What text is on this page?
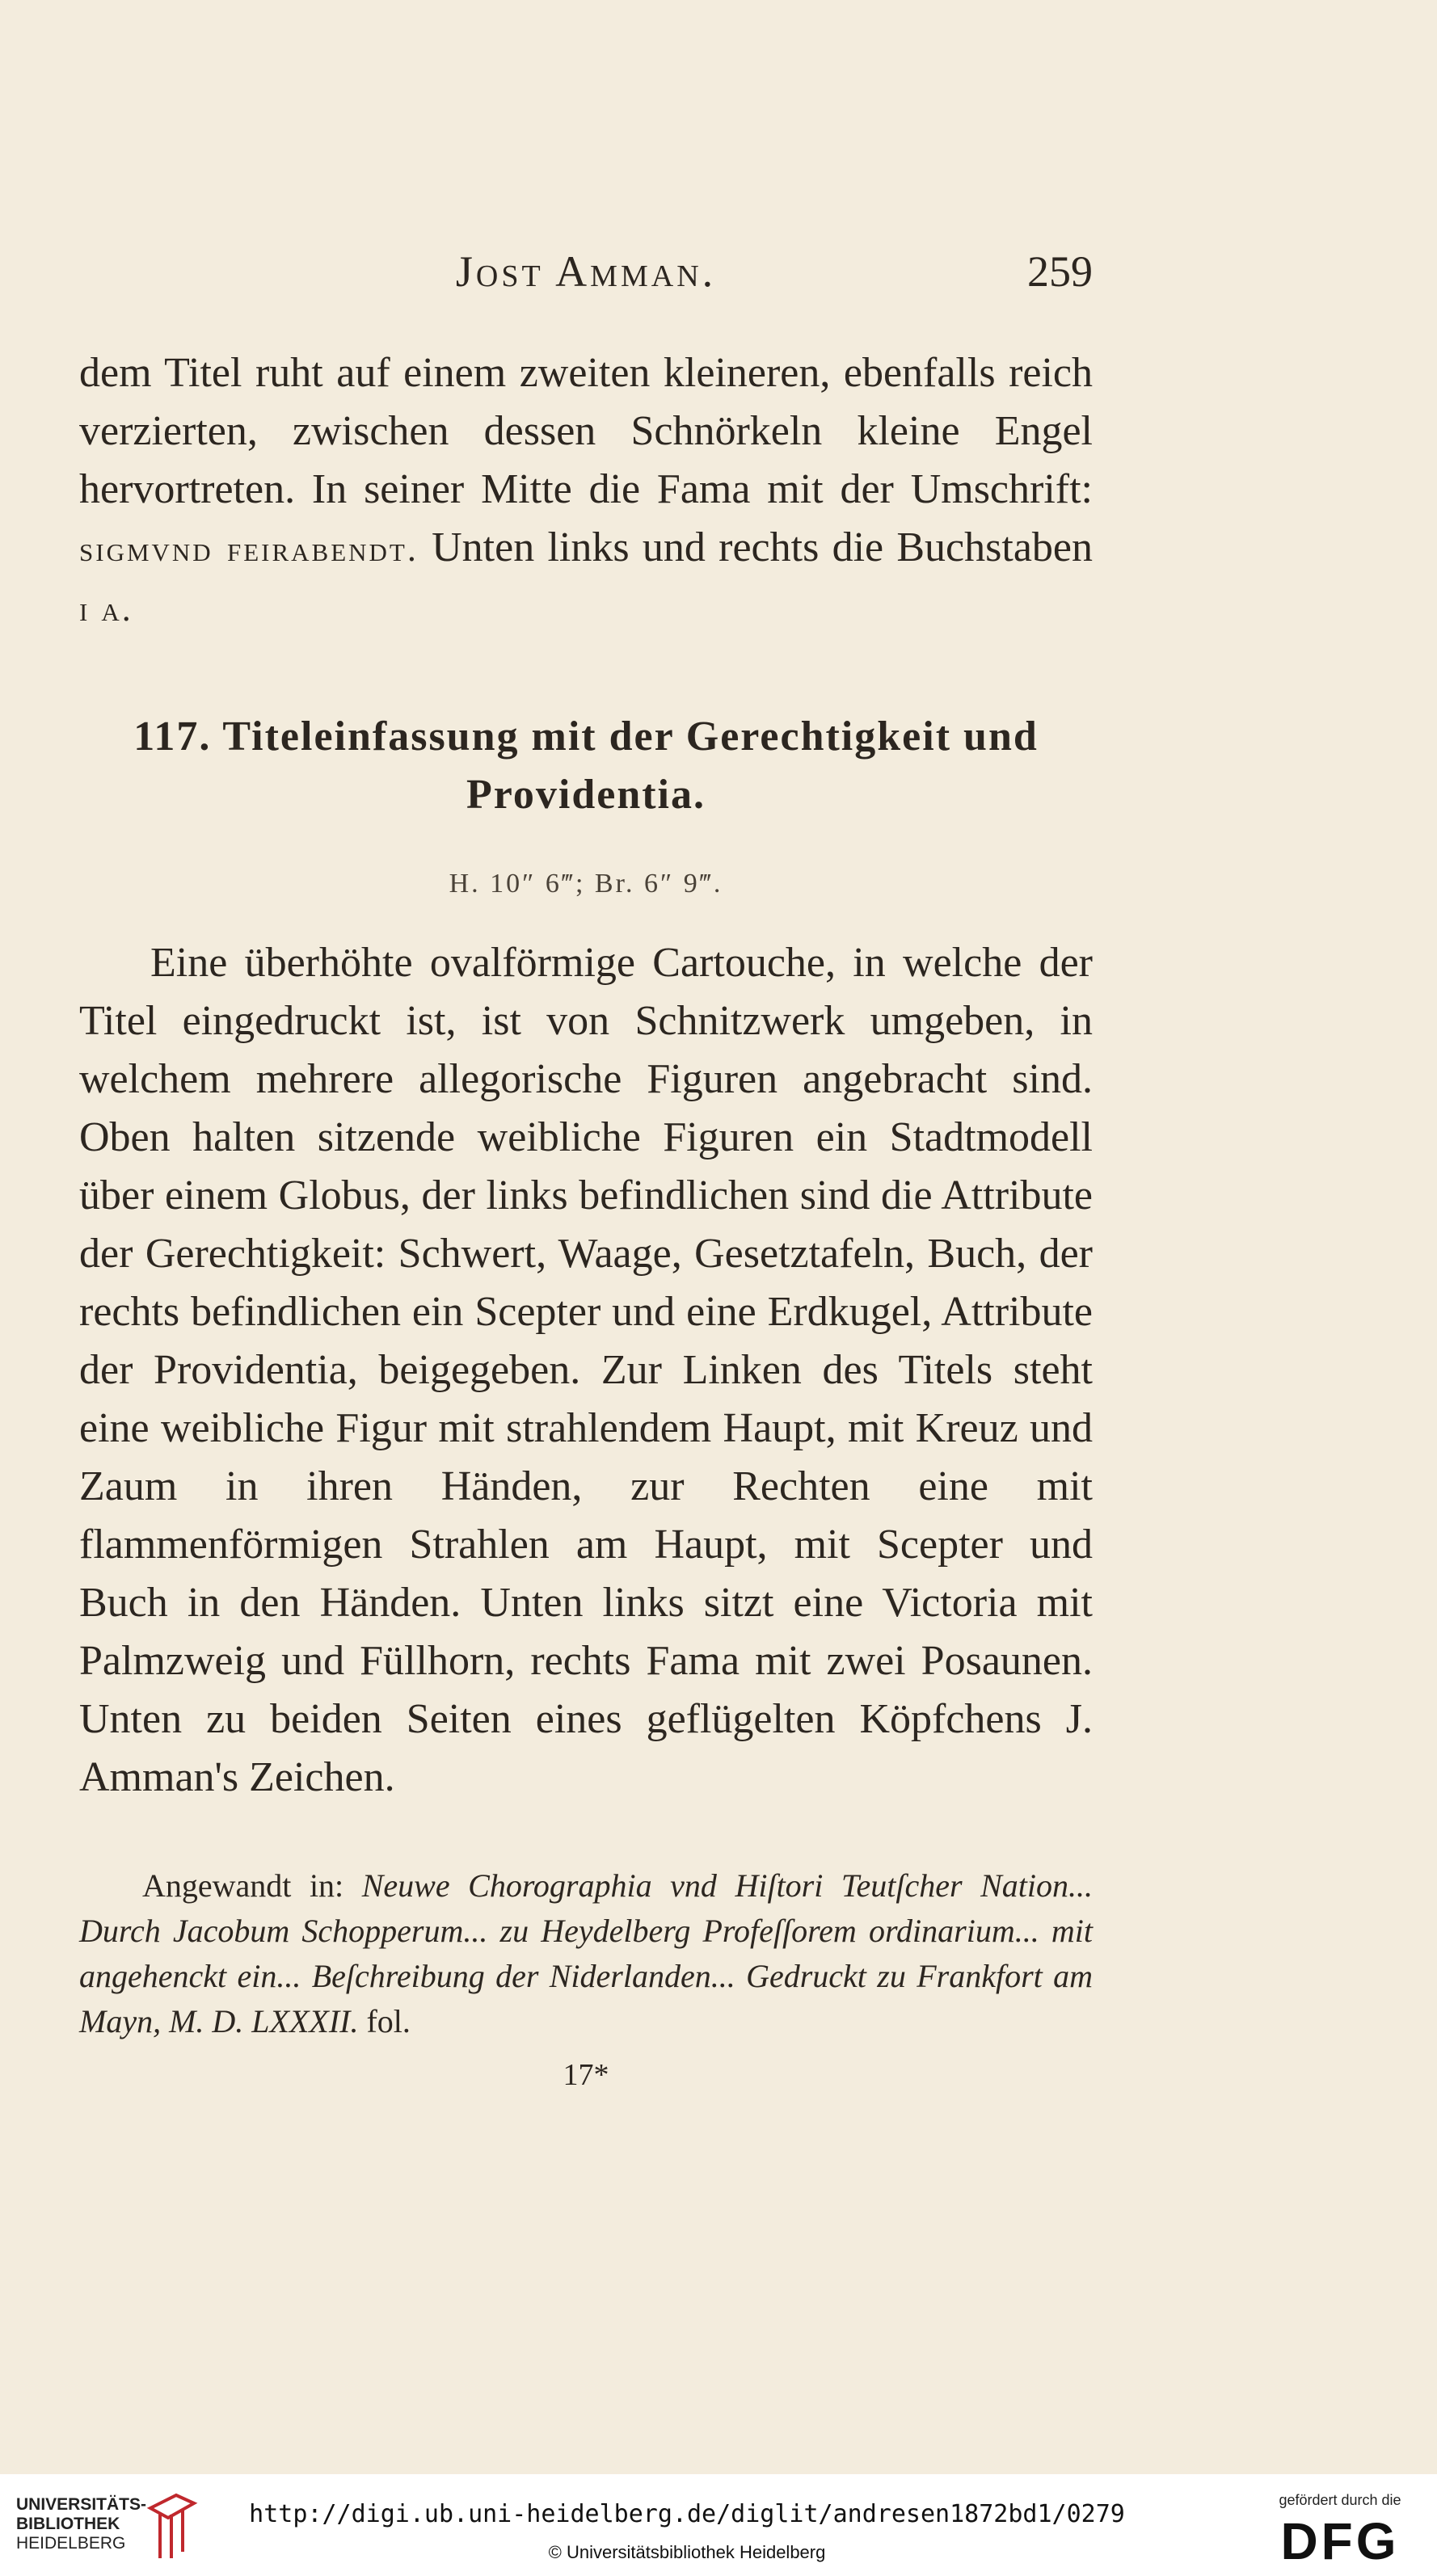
Jost Amman.	259

dem Titel ruht auf einem zweiten kleineren, ebenfalls reich verzierten, zwischen dessen Schnörkeln kleine Engel hervortreten. In seiner Mitte die Fama mit der Umschrift: sigmvnd feirabendt. Unten links und rechts die Buchstaben i a.

117. Titeleinfassung mit der Gerechtigkeit und Providentia.

H. 10″ 6‴; Br. 6″ 9‴.

Eine überhöhte ovalförmige Cartouche, in welche der Titel eingedruckt ist, ist von Schnitzwerk umgeben, in welchem mehrere allegorische Figuren angebracht sind. Oben halten sitzende weibliche Figuren ein Stadtmodell über einem Globus, der links befindlichen sind die Attribute der Gerechtigkeit: Schwert, Waage, Gesetztafeln, Buch, der rechts befindlichen ein Scepter und eine Erdkugel, Attribute der Providentia, beigegeben. Zur Linken des Titels steht eine weibliche Figur mit strahlendem Haupt, mit Kreuz und Zaum in ihren Händen, zur Rechten eine mit flammenförmigen Strahlen am Haupt, mit Scepter und Buch in den Händen. Unten links sitzt eine Victoria mit Palmzweig und Füllhorn, rechts Fama mit zwei Posaunen. Unten zu beiden Seiten eines geflügelten Köpfchens J. Amman's Zeichen.

Angewandt in: Neuwe Chorographia vnd Hiſtori Teutſcher Nation... Durch Jacobum Schopperum... zu Heydelberg Profeſſorem ordinarium... mit angehenckt ein... Beſchreibung der Niderlanden... Gedruckt zu Frankfort am Mayn, M. D. LXXXII. fol.

17*

UNIVERSITÄTS-
BIBLIOTHEK
HEIDELBERG
http://digi.ub.uni-heidelberg.de/diglit/andresen1872bd1/0279
© Universitätsbibliothek Heidelberg
gefördert durch die
DFG
